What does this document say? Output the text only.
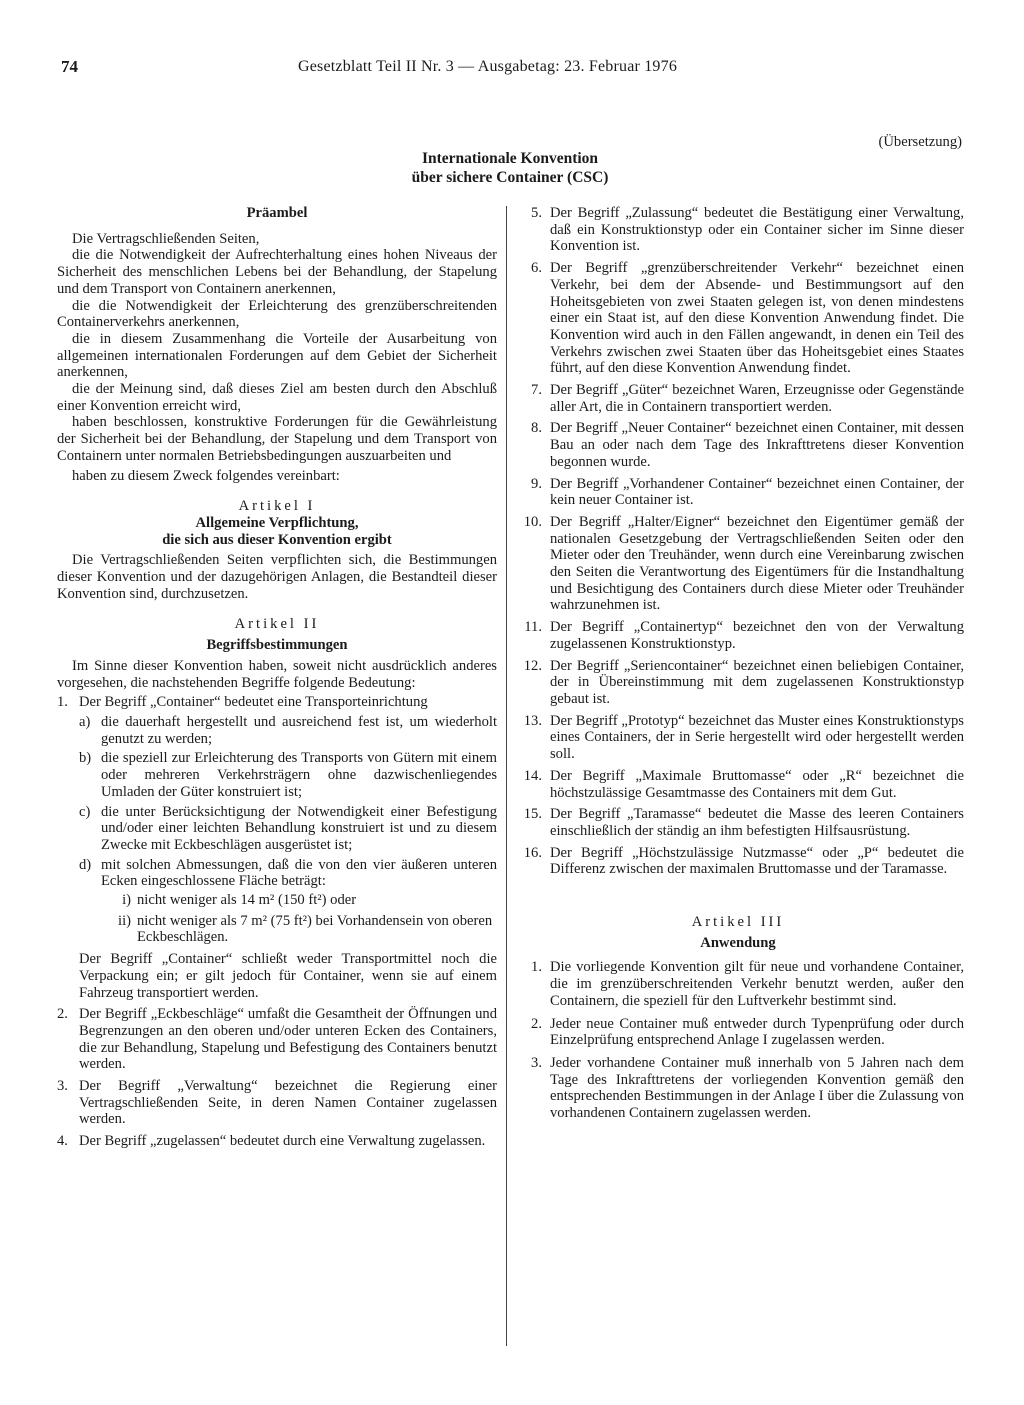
74	Gesetzblatt Teil II Nr. 3 — Ausgabetag: 23. Februar 1976
(Übersetzung)
Internationale Konvention
über sichere Container (CSC)

Präambel

Die Vertragschließenden Seiten,

die die Notwendigkeit der Aufrechterhaltung eines hohen Niveaus der Sicherheit des menschlichen Lebens bei der Behandlung, der Stapelung und dem Transport von Containern anerkennen,

die die Notwendigkeit der Erleichterung des grenzüberschreitenden Containerverkehrs anerkennen,

die in diesem Zusammenhang die Vorteile der Ausarbeitung von allgemeinen internationalen Forderungen auf dem Gebiet der Sicherheit anerkennen,

die der Meinung sind, daß dieses Ziel am besten durch den Abschluß einer Konvention erreicht wird,

haben beschlossen, konstruktive Forderungen für die Gewährleistung der Sicherheit bei der Behandlung, der Stapelung und dem Transport von Containern unter normalen Betriebsbedingungen auszuarbeiten und

haben zu diesem Zweck folgendes vereinbart:

Artikel I

Allgemeine Verpflichtung,

die sich aus dieser Konvention ergibt

Die Vertragschließenden Seiten verpflichten sich, die Bestimmungen dieser Konvention und der dazugehörigen Anlagen, die Bestandteil dieser Konvention sind, durchzusetzen.

Artikel II

Begriffsbestimmungen

Im Sinne dieser Konvention haben, soweit nicht ausdrücklich anderes vorgesehen, die nachstehenden Begriffe folgende Bedeutung:

1. Der Begriff „Container“ bedeutet eine Transporteinrichtung
a) die dauerhaft hergestellt und ausreichend fest ist, um wiederholt genutzt zu werden;
b) die speziell zur Erleichterung des Transports von Gütern mit einem oder mehreren Verkehrsträgern ohne dazwischenliegendes Umladen der Güter konstruiert ist;
c) die unter Berücksichtigung der Notwendigkeit einer Befestigung und/oder einer leichten Behandlung konstruiert ist und zu diesem Zwecke mit Eckbeschlägen ausgerüstet ist;
d) mit solchen Abmessungen, daß die von den vier äußeren unteren Ecken eingeschlossene Fläche beträgt:
i) nicht weniger als 14 m² (150 ft²) oder
ii) nicht weniger als 7 m² (75 ft²) bei Vorhandensein von oberen Eckbeschlägen.

Der Begriff „Container“ schließt weder Transportmittel noch die Verpackung ein; er gilt jedoch für Container, wenn sie auf einem Fahrzeug transportiert werden.

2. Der Begriff „Eckbeschläge“ umfaßt die Gesamtheit der Öffnungen und Begrenzungen an den oberen und/oder unteren Ecken des Containers, die zur Behandlung, Stapelung und Befestigung des Containers benutzt werden.
3. Der Begriff „Verwaltung“ bezeichnet die Regierung einer Vertragschließenden Seite, in deren Namen Container zugelassen werden.
4. Der Begriff „zugelassen“ bedeutet durch eine Verwaltung zugelassen.
5. Der Begriff „Zulassung“ bedeutet die Bestätigung einer Verwaltung, daß ein Konstruktionstyp oder ein Container sicher im Sinne dieser Konvention ist.
6. Der Begriff „grenzüberschreitender Verkehr“ bezeichnet einen Verkehr, bei dem der Absende- und Bestimmungsort auf den Hoheitsgebieten von zwei Staaten gelegen ist, von denen mindestens einer ein Staat ist, auf den diese Konvention Anwendung findet. Die Konvention wird auch in den Fällen angewandt, in denen ein Teil des Verkehrs zwischen zwei Staaten über das Hoheitsgebiet eines Staates führt, auf den diese Konvention Anwendung findet.
7. Der Begriff „Güter“ bezeichnet Waren, Erzeugnisse oder Gegenstände aller Art, die in Containern transportiert werden.
8. Der Begriff „Neuer Container“ bezeichnet einen Container, mit dessen Bau an oder nach dem Tage des Inkrafttretens dieser Konvention begonnen wurde.
9. Der Begriff „Vorhandener Container“ bezeichnet einen Container, der kein neuer Container ist.
10. Der Begriff „Halter/Eigner“ bezeichnet den Eigentümer gemäß der nationalen Gesetzgebung der Vertragschließenden Seiten oder den Mieter oder den Treuhänder, wenn durch eine Vereinbarung zwischen den Seiten die Verantwortung des Eigentümers für die Instandhaltung und Besichtigung des Containers durch diese Mieter oder Treuhänder wahrzunehmen ist.
11. Der Begriff „Containertyp“ bezeichnet den von der Verwaltung zugelassenen Konstruktionstyp.
12. Der Begriff „Seriencontainer“ bezeichnet einen beliebigen Container, der in Übereinstimmung mit dem zugelassenen Konstruktionstyp gebaut ist.
13. Der Begriff „Prototyp“ bezeichnet das Muster eines Konstruktionstyps eines Containers, der in Serie hergestellt wird oder hergestellt werden soll.
14. Der Begriff „Maximale Bruttomasse“ oder „R“ bezeichnet die höchstzulässige Gesamtmasse des Containers mit dem Gut.
15. Der Begriff „Taramasse“ bedeutet die Masse des leeren Containers einschließlich der ständig an ihm befestigten Hilfsausrüstung.
16. Der Begriff „Höchstzulässige Nutzmasse“ oder „P“ bedeutet die Differenz zwischen der maximalen Bruttomasse und der Taramasse.

Artikel III

Anwendung

1. Die vorliegende Konvention gilt für neue und vorhandene Container, die im grenzüberschreitenden Verkehr benutzt werden, außer den Containern, die speziell für den Luftverkehr bestimmt sind.
2. Jeder neue Container muß entweder durch Typenprüfung oder durch Einzelprüfung entsprechend Anlage I zugelassen werden.
3. Jeder vorhandene Container muß innerhalb von 5 Jahren nach dem Tage des Inkrafttretens der vorliegenden Konvention gemäß den entsprechenden Bestimmungen in der Anlage I über die Zulassung von vorhandenen Containern zugelassen werden.
